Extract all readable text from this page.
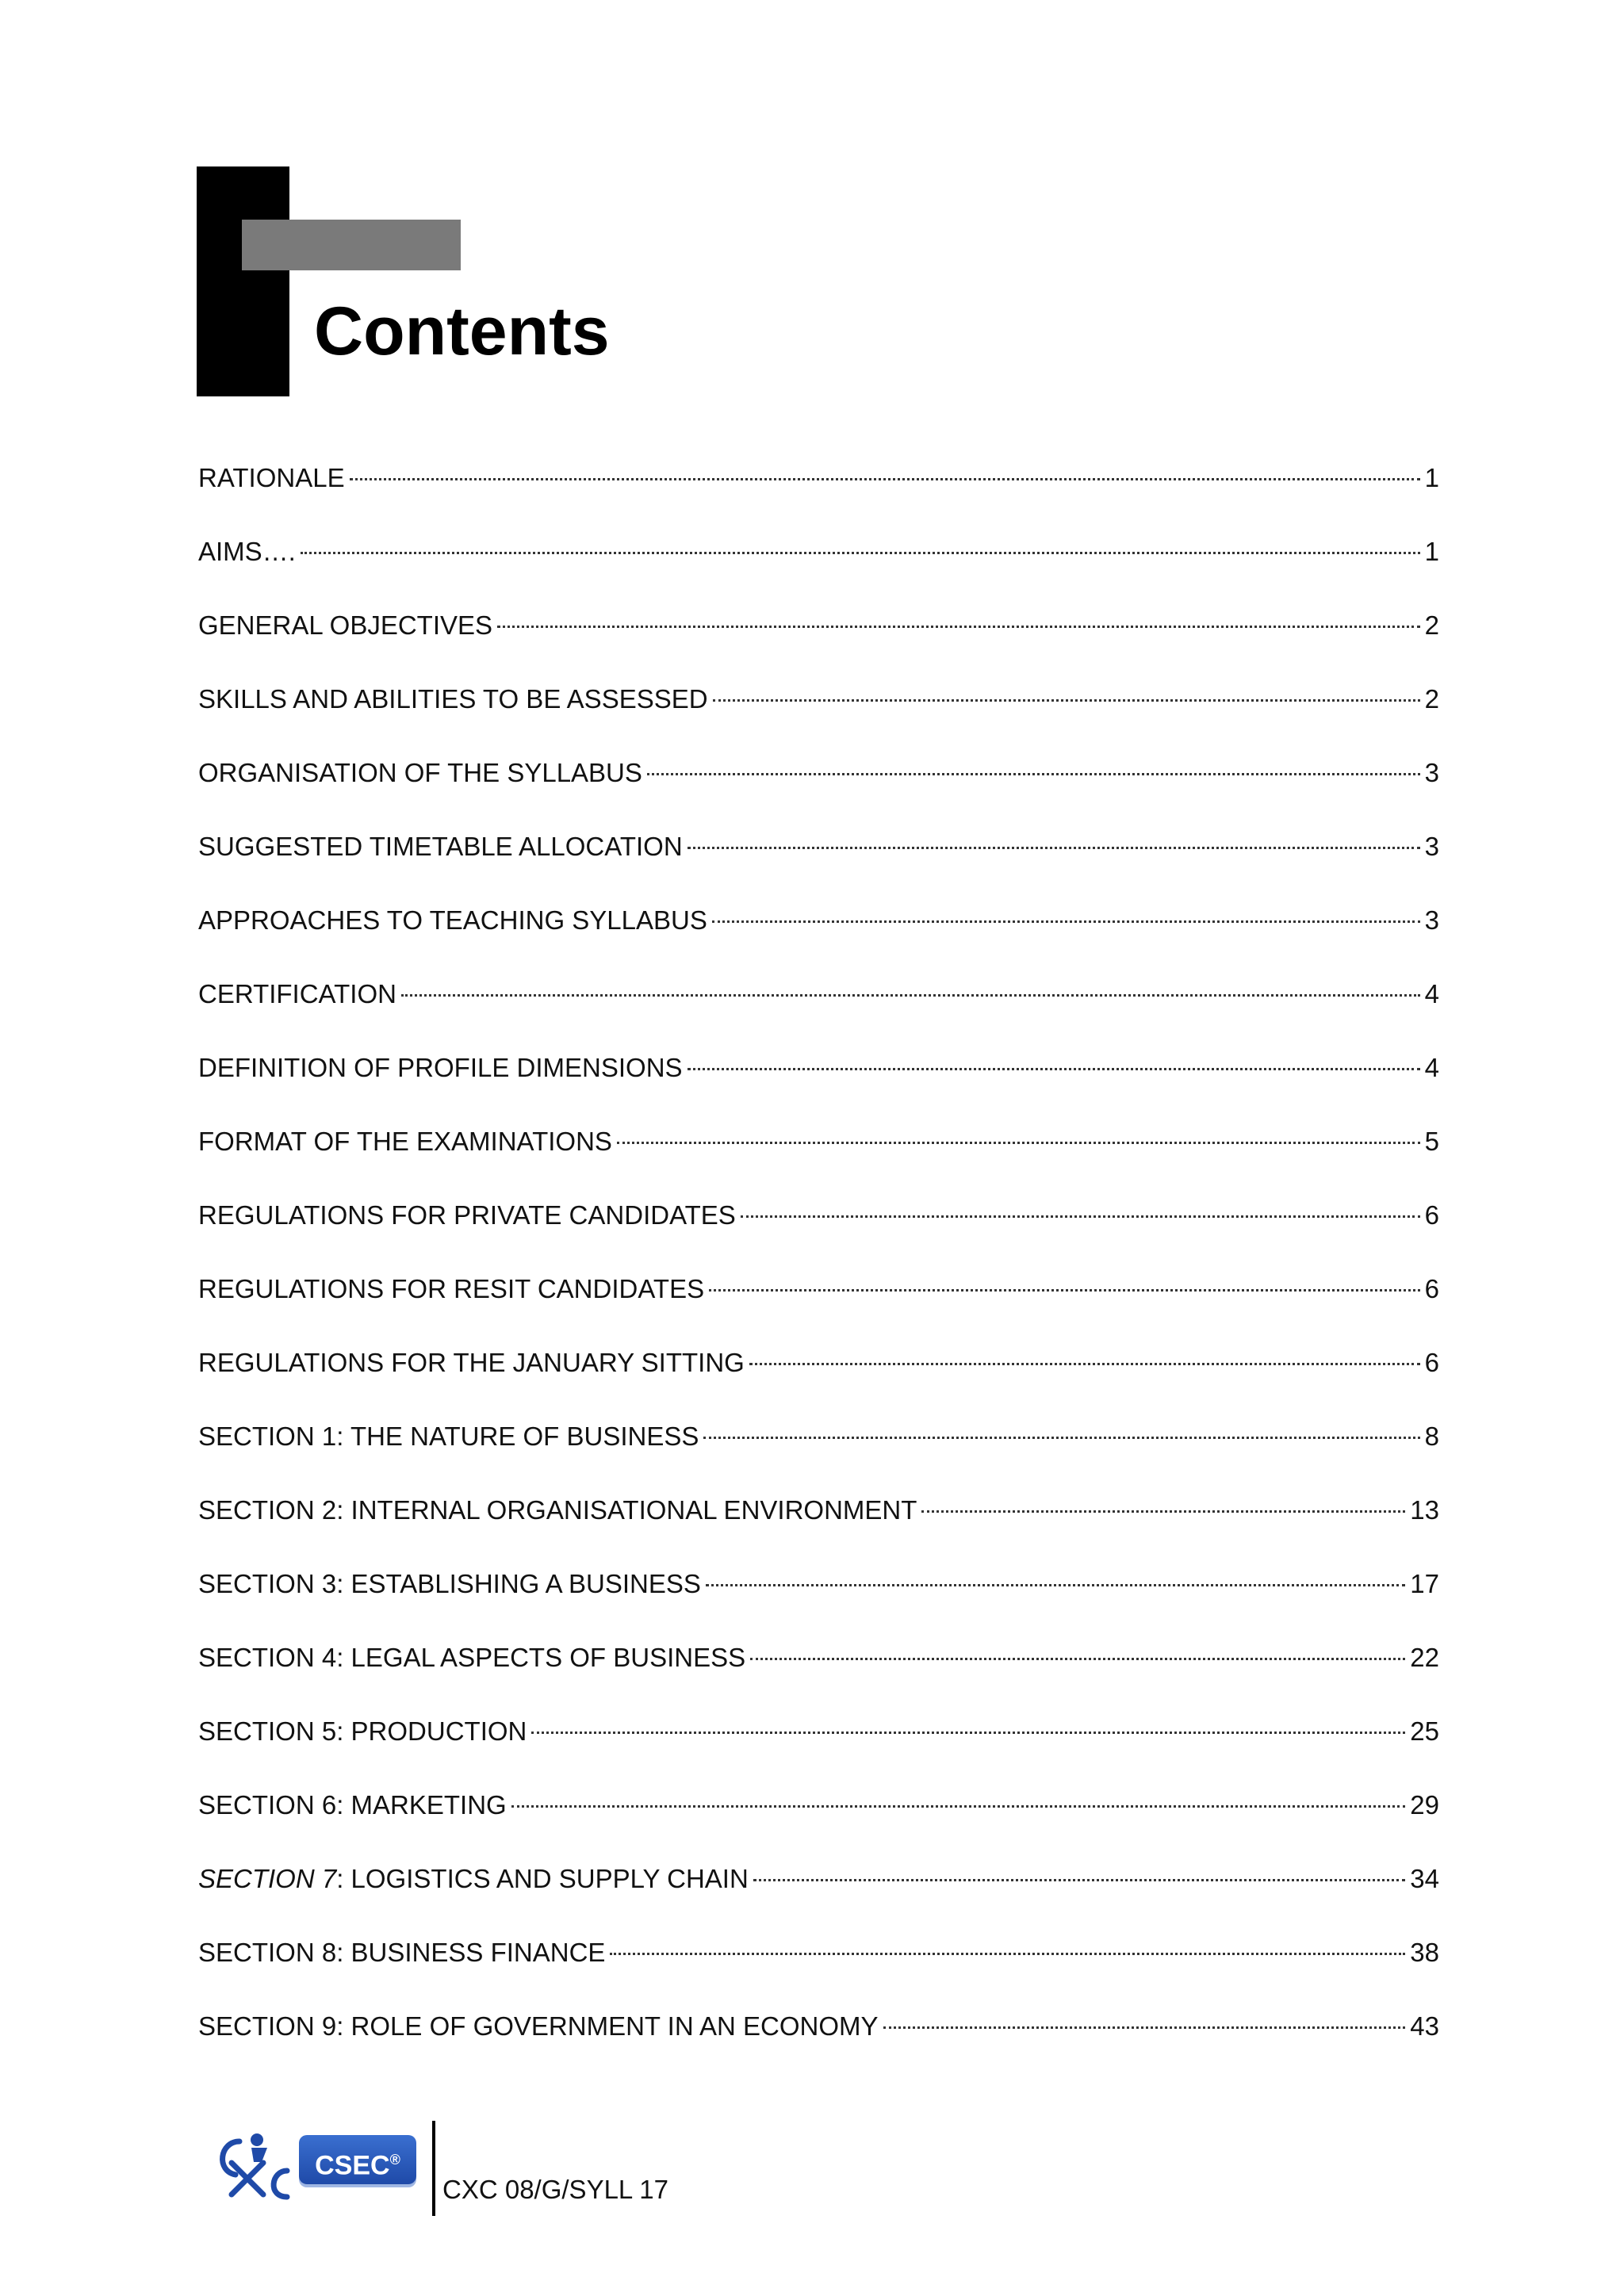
Contents
RATIONALE	1
AIMS….	1
GENERAL OBJECTIVES	2
SKILLS AND ABILITIES TO BE ASSESSED	2
ORGANISATION OF THE SYLLABUS	3
SUGGESTED TIMETABLE ALLOCATION	3
APPROACHES TO TEACHING SYLLABUS	3
CERTIFICATION	4
DEFINITION OF PROFILE DIMENSIONS	4
FORMAT OF THE EXAMINATIONS	5
REGULATIONS FOR PRIVATE CANDIDATES	6
REGULATIONS FOR RESIT CANDIDATES	6
REGULATIONS FOR THE JANUARY SITTING	6
SECTION 1: THE NATURE OF BUSINESS	8
SECTION 2: INTERNAL ORGANISATIONAL ENVIRONMENT	13
SECTION 3: ESTABLISHING A BUSINESS	17
SECTION 4: LEGAL ASPECTS OF BUSINESS	22
SECTION 5: PRODUCTION	25
SECTION 6: MARKETING	29
SECTION 7: LOGISTICS AND SUPPLY CHAIN	34
SECTION 8: BUSINESS FINANCE	38
SECTION 9: ROLE OF GOVERNMENT IN AN ECONOMY	43
CSEC®
CXC 08/G/SYLL 17
